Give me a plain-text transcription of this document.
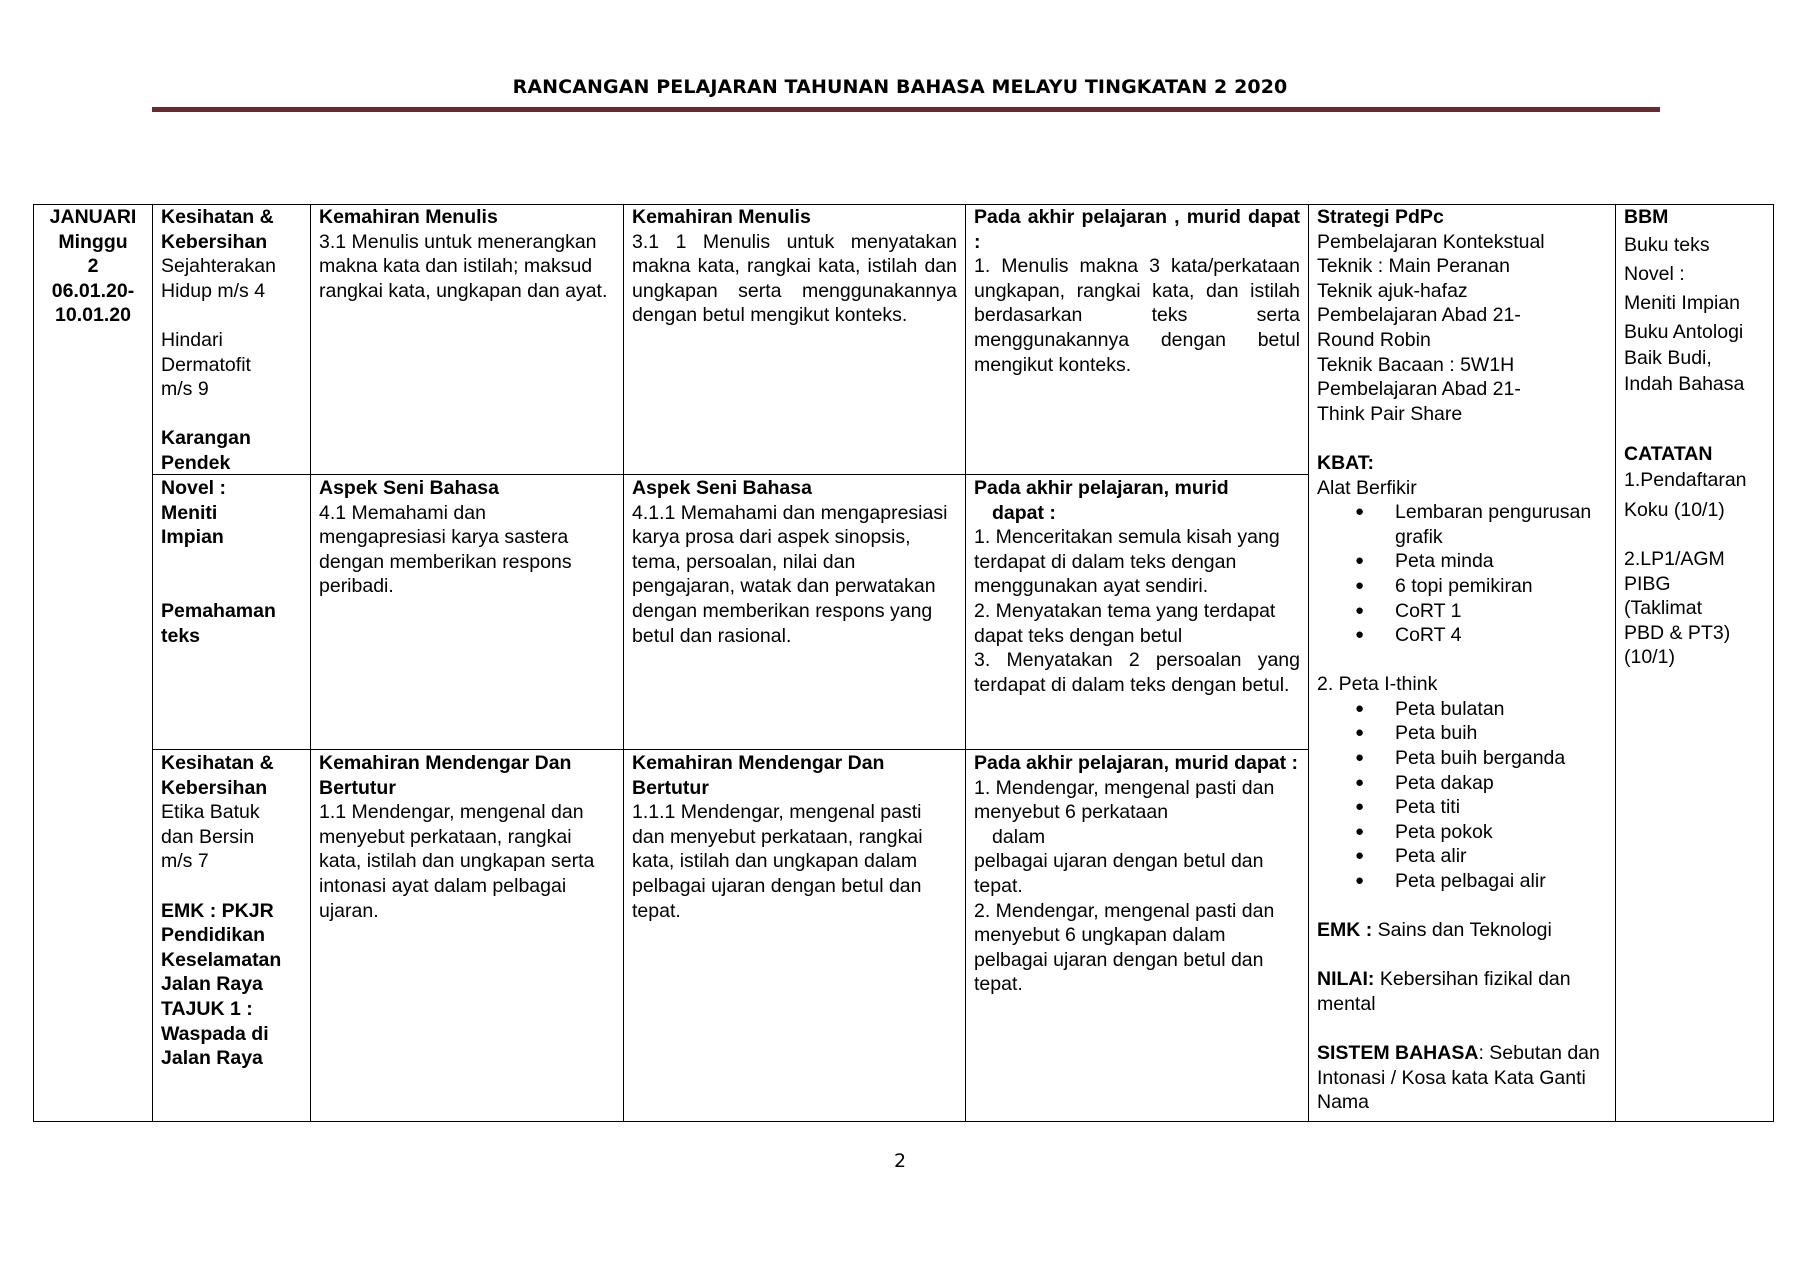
RANCANGAN PELAJARAN TAHUNAN BAHASA MELAYU TINGKATAN 2 2020

JANUARI

Minggu

2

06.01.20-

10.01.20

Kesihatan &

Kebersihan

Sejahterakan

Hidup m/s 4

Hindari

Dermatofit

m/s 9

Karangan

Pendek

Kemahiran Menulis

3.1 Menulis untuk menerangkan makna kata dan istilah; maksud rangkai kata, ungkapan dan ayat.

Kemahiran Menulis

3.1 1 Menulis untuk menyatakan makna kata, rangkai kata, istilah dan ungkapan serta menggunakannya dengan betul mengikut konteks.

Pada akhir pelajaran , murid dapat :

1. Menulis makna 3 kata/perkataan ungkapan, rangkai kata, dan istilah berdasarkan teks serta menggunakannya dengan betul mengikut konteks.

Novel :

Meniti

Impian

Pemahaman

teks

Aspek Seni Bahasa

4.1 Memahami dan mengapresiasi karya sastera dengan memberikan respons peribadi.

Aspek Seni Bahasa

4.1.1 Memahami dan mengapresiasi karya prosa dari aspek sinopsis, tema, persoalan, nilai dan pengajaran, watak dan perwatakan dengan memberikan respons yang betul dan rasional.

Pada akhir pelajaran, murid

dapat :

1. Menceritakan semula kisah yang terdapat di dalam teks dengan menggunakan ayat sendiri.

2. Menyatakan tema yang terdapat dapat teks dengan betul

3. Menyatakan 2 persoalan yang terdapat di dalam teks dengan betul.

Kesihatan &

Kebersihan

Etika Batuk

dan Bersin

m/s 7

EMK : PKJR

Pendidikan

Keselamatan

Jalan Raya

TAJUK 1 :

Waspada di

Jalan Raya

Kemahiran Mendengar Dan Bertutur

1.1 Mendengar, mengenal dan menyebut perkataan, rangkai kata, istilah dan ungkapan serta intonasi ayat dalam pelbagai ujaran.

Kemahiran Mendengar Dan Bertutur

1.1.1 Mendengar, mengenal pasti dan menyebut perkataan, rangkai kata, istilah dan ungkapan dalam pelbagai ujaran dengan betul dan tepat.

Pada akhir pelajaran, murid dapat :

1. Mendengar, mengenal pasti dan menyebut 6 perkataan

dalam

pelbagai ujaran dengan betul dan tepat.

2. Mendengar, mengenal pasti dan menyebut 6 ungkapan dalam pelbagai ujaran dengan betul dan tepat.

Strategi PdPc

Pembelajaran Kontekstual

Teknik : Main Peranan

Teknik ajuk-hafaz

Pembelajaran Abad 21-

Round Robin

Teknik Bacaan : 5W1H

Pembelajaran Abad 21-

Think Pair Share

KBAT:

Alat Berfikir

● Lembaran pengurusan grafik
● Peta minda
● 6 topi pemikiran
● CoRT 1
● CoRT 4

2. Peta I-think

● Peta bulatan
● Peta buih
● Peta buih berganda
● Peta dakap
● Peta titi
● Peta pokok
● Peta alir
● Peta pelbagai alir

EMK : Sains dan Teknologi

NILAI: Kebersihan fizikal dan mental

SISTEM BAHASA: Sebutan dan Intonasi / Kosa kata Kata Ganti Nama

BBM

Buku teks

Novel :

Meniti Impian

Buku Antologi

Baik Budi,

Indah Bahasa

CATATAN

1.Pendaftaran

Koku (10/1)

2.LP1/AGM

PIBG

(Taklimat

PBD & PT3)

(10/1)

2
